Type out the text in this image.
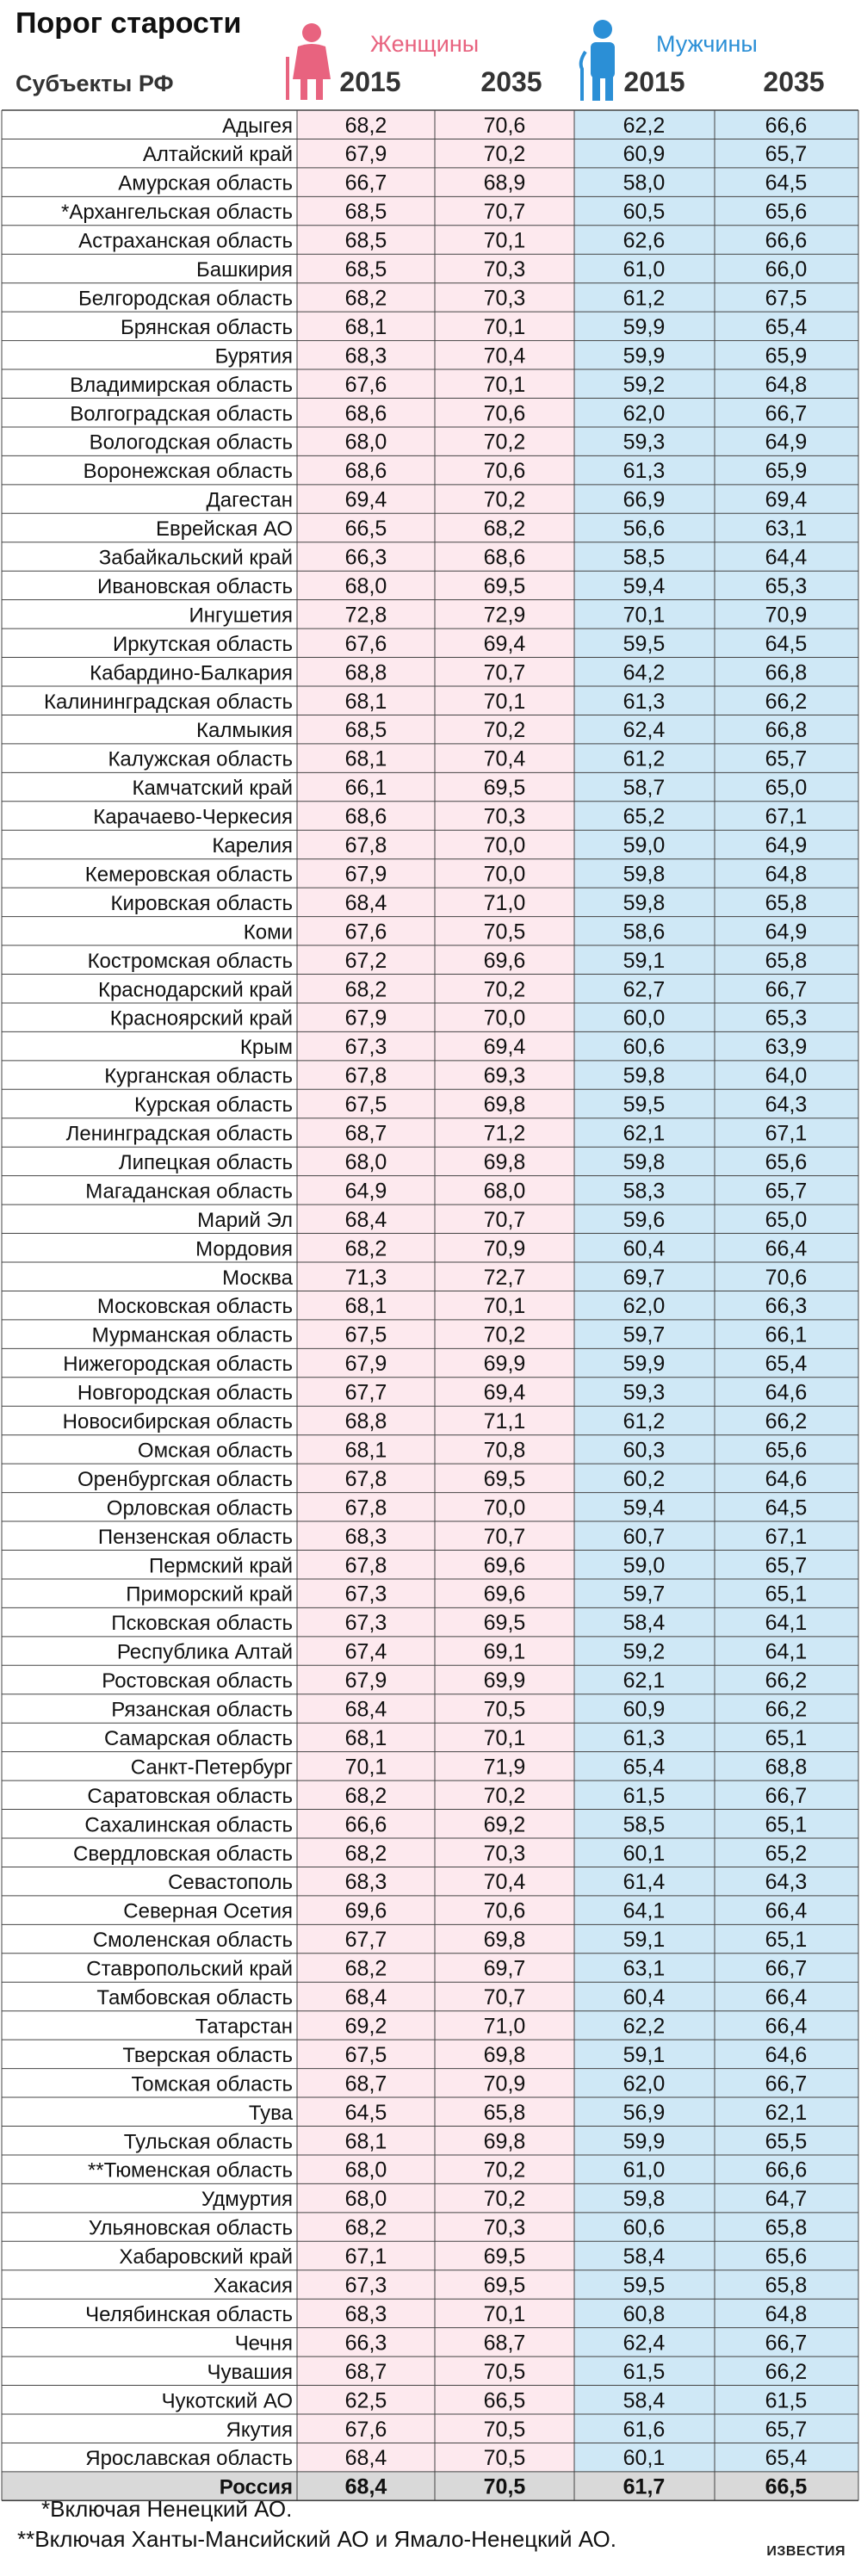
Порог старости
Субъекты РФ
Женщины	Мужчины
2015	2035	2015	2035
Адыгея 68,2	70,6	62,2	66,6
Алтайский край 67,9	70,2	60,9	65,7
Амурская область 66,7	68,9	58,0	64,5
*Архангельская область 68,5	70,7	60,5	65,6
Астраханская область 68,5	70,1	62,6	66,6
Башкирия 68,5	70,3	61,0	66,0
Белгородская область 68,2	70,3	61,2	67,5
Брянская область 68,1	70,1	59,9	65,4
Бурятия 68,3	70,4	59,9	65,9
Владимирская область 67,6	70,1	59,2	64,8
Волгоградская область 68,6	70,6	62,0	66,7
Вологодская область 68,0	70,2	59,3	64,9
Воронежская область 68,6	70,6	61,3	65,9
Дагестан 69,4	70,2	66,9	69,4
Еврейская АО 66,5	68,2	56,6	63,1
Забайкальский край 66,3	68,6	58,5	64,4
Ивановская область 68,0	69,5	59,4	65,3
Ингушетия 72,8	72,9	70,1	70,9
Иркутская область 67,6	69,4	59,5	64,5
Кабардино-Балкария 68,8	70,7	64,2	66,8
Калининградская область 68,1	70,1	61,3	66,2
Калмыкия 68,5	70,2	62,4	66,8
Калужская область 68,1	70,4	61,2	65,7
Камчатский край 66,1	69,5	58,7	65,0
Карачаево-Черкесия 68,6	70,3	65,2	67,1
Карелия 67,8	70,0	59,0	64,9
Кемеровская область 67,9	70,0	59,8	64,8
Кировская область 68,4	71,0	59,8	65,8
Коми 67,6	70,5	58,6	64,9
Костромская область 67,2	69,6	59,1	65,8
Краснодарский край 68,2	70,2	62,7	66,7
Красноярский край 67,9	70,0	60,0	65,3
Крым 67,3	69,4	60,6	63,9
Курганская область 67,8	69,3	59,8	64,0
Курская область 67,5	69,8	59,5	64,3
Ленинградская область 68,7	71,2	62,1	67,1
Липецкая область 68,0	69,8	59,8	65,6
Магаданская область 64,9	68,0	58,3	65,7
Марий Эл 68,4	70,7	59,6	65,0
Мордовия 68,2	70,9	60,4	66,4
Москва 71,3	72,7	69,7	70,6
Московская область 68,1	70,1	62,0	66,3
Мурманская область 67,5	70,2	59,7	66,1
Нижегородская область 67,9	69,9	59,9	65,4
Новгородская область 67,7	69,4	59,3	64,6
Новосибирская область 68,8	71,1	61,2	66,2
Омская область 68,1	70,8	60,3	65,6
Оренбургская область 67,8	69,5	60,2	64,6
Орловская область 67,8	70,0	59,4	64,5
Пензенская область 68,3	70,7	60,7	67,1
Пермский край 67,8	69,6	59,0	65,7
Приморский край 67,3	69,6	59,7	65,1
Псковская область 67,3	69,5	58,4	64,1
Республика Алтай 67,4	69,1	59,2	64,1
Ростовская область 67,9	69,9	62,1	66,2
Рязанская область 68,4	70,5	60,9	66,2
Самарская область 68,1	70,1	61,3	65,1
Санкт-Петербург 70,1	71,9	65,4	68,8
Саратовская область 68,2	70,2	61,5	66,7
Сахалинская область 66,6	69,2	58,5	65,1
Свердловская область 68,2	70,3	60,1	65,2
Севастополь 68,3	70,4	61,4	64,3
Северная Осетия 69,6	70,6	64,1	66,4
Смоленская область 67,7	69,8	59,1	65,1
Ставропольский край 68,2	69,7	63,1	66,7
Тамбовская область 68,4	70,7	60,4	66,4
Татарстан 69,2	71,0	62,2	66,4
Тверская область 67,5	69,8	59,1	64,6
Томская область 68,7	70,9	62,0	66,7
Тува 64,5	65,8	56,9	62,1
Тульская область 68,1	69,8	59,9	65,5
**Тюменская область 68,0	70,2	61,0	66,6
Удмуртия 68,0	70,2	59,8	64,7
Ульяновская область 68,2	70,3	60,6	65,8
Хабаровский край 67,1	69,5	58,4	65,6
Хакасия 67,3	69,5	59,5	65,8
Челябинская область 68,3	70,1	60,8	64,8
Чечня 66,3	68,7	62,4	66,7
Чувашия 68,7	70,5	61,5	66,2
Чукотский АО 62,5	66,5	58,4	61,5
Якутия 67,6	70,5	61,6	65,7
Ярославская область 68,4	70,5	60,1	65,4
Россия 68,4	70,5	61,7	66,5
*Включая Ненецкий АО.
**Включая Ханты-Мансийский АО и Ямало-Ненецкий АО.	ИЗВЕСТИЯ
